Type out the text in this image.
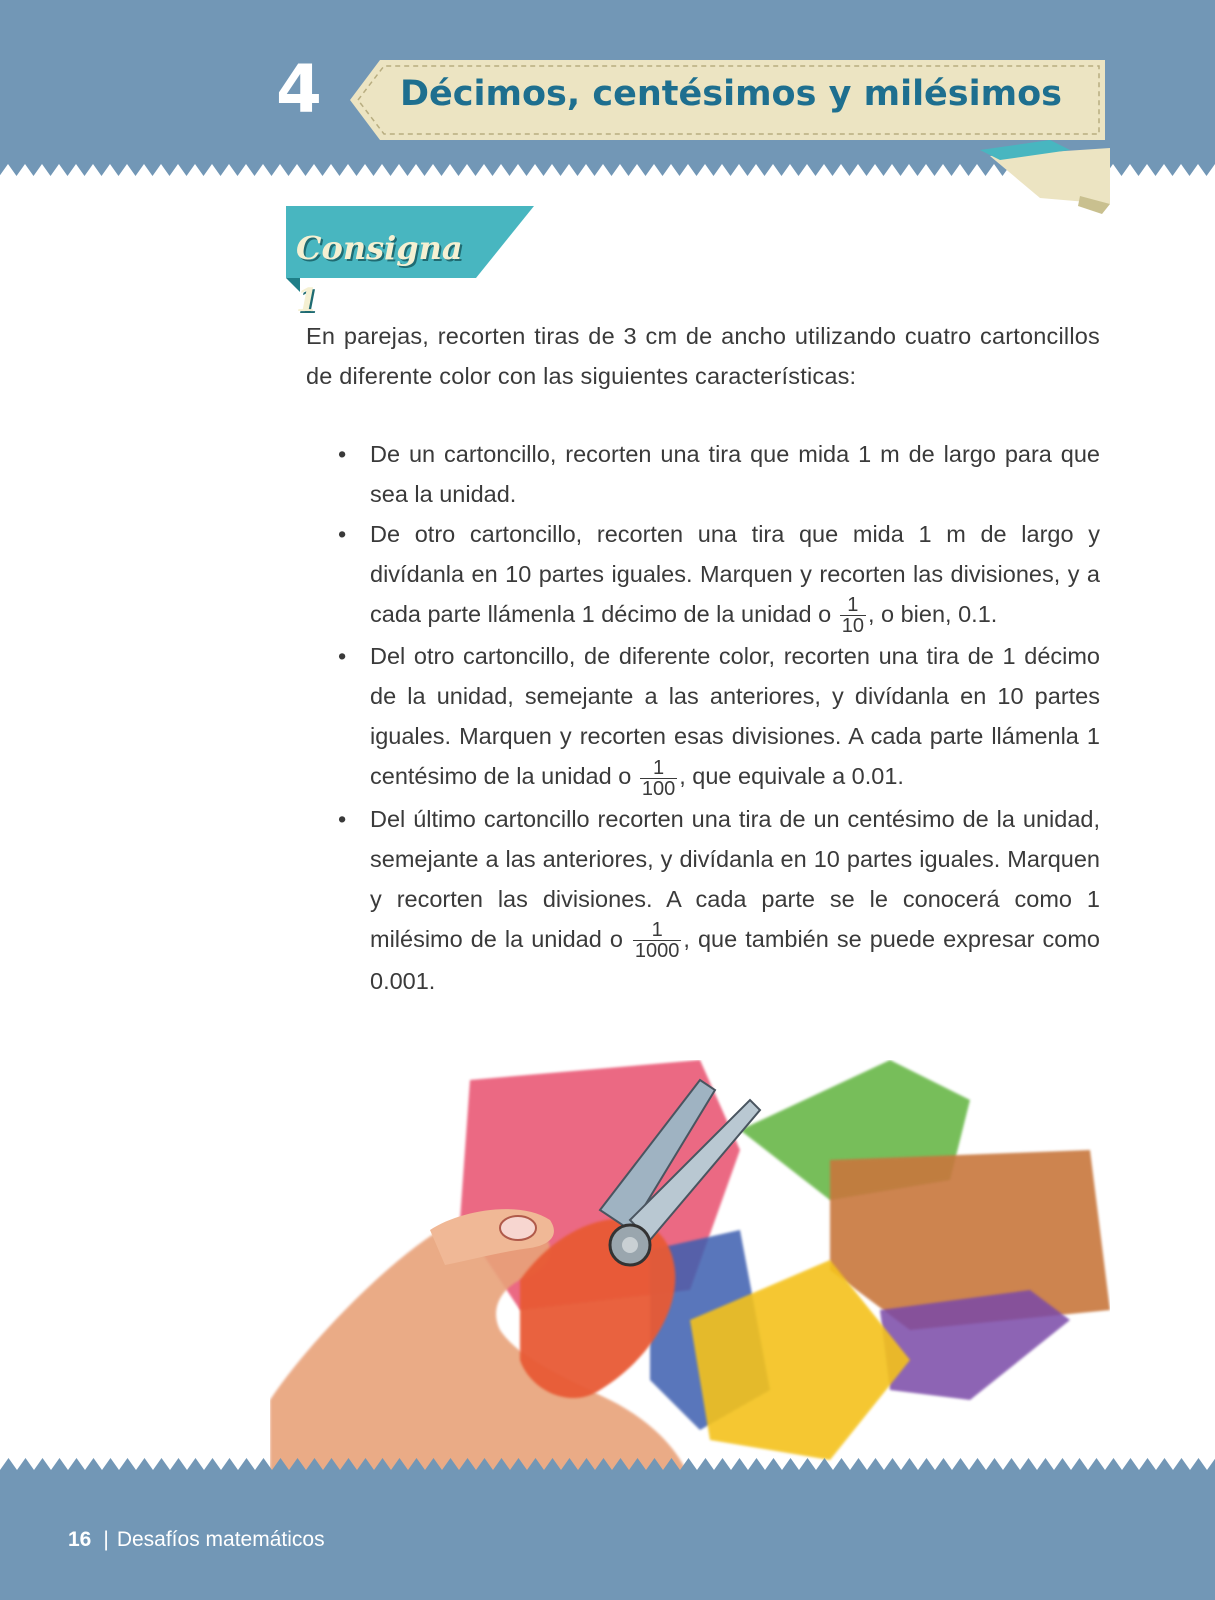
4 Décimos, centésimos y milésimos
Consigna 1

En parejas, recorten tiras de 3 cm de ancho utilizando cuatro cartoncillos de diferente color con las siguientes características:

• De un cartoncillo, recorten una tira que mida 1 m de largo para que sea la unidad.
• De otro cartoncillo, recorten una tira que mida 1 m de largo y divídanla en 10 partes iguales. Marquen y recorten las divisiones, y a cada parte llámenla 1 décimo de la unidad o $\frac{1}{10}$ , o bien, 0.1.
• Del otro cartoncillo, de diferente color, recorten una tira de 1 décimo de la unidad, semejante a las anteriores, y divídanla en 10 partes iguales. Marquen y recorten esas divisiones. A cada parte llámenla 1 centésimo de la unidad o $\frac{1}{100}$ , que equivale a 0.01.
• Del último cartoncillo recorten una tira de un centésimo de la unidad, semejante a las anteriores, y divídanla en 10 partes iguales. Marquen y recorten las divisiones. A cada parte se le conocerá como 1 milésimo de la unidad o $\frac{1}{1000}$ , que también se puede expresar como 0.001.
16 | Desafíos matemáticos
